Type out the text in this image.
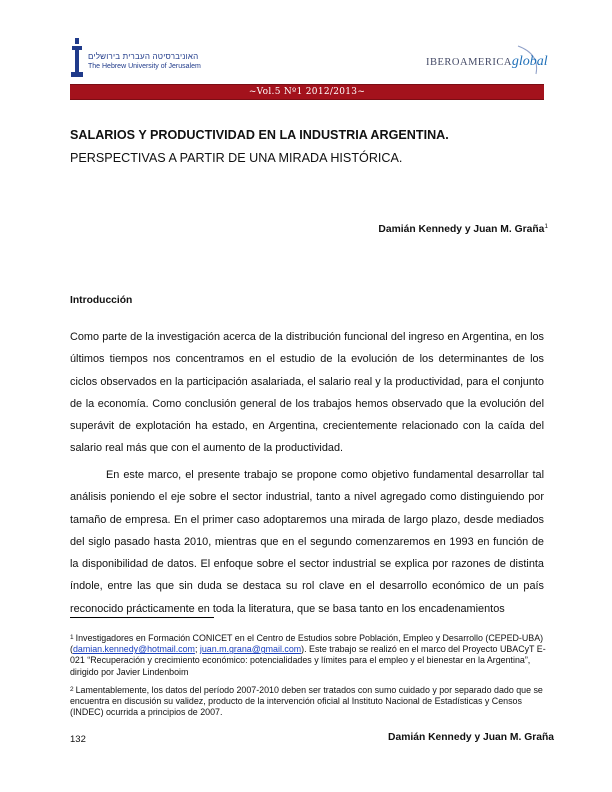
האוניברסיטה העברית בירושלים
The Hebrew University of Jerusalem	IBEROAMERICAglobal
~Vol.5 Nº1 2012/2013~
SALARIOS Y PRODUCTIVIDAD EN LA INDUSTRIA ARGENTINA.
PERSPECTIVAS A PARTIR DE UNA MIRADA HISTÓRICA.
Damián Kennedy y Juan M. Graña$^1$
Introducción
Como parte de la investigación acerca de la distribución funcional del ingreso en Argentina, en los últimos tiempos nos concentramos en el estudio de la evolución de los determinantes de los ciclos observados en la participación asalariada, el salario real y la productividad, para el conjunto de la economía. Como conclusión general de los trabajos hemos observado que la evolución del superávit de explotación ha estado, en Argentina, crecientemente relacionado con la caída del salario real más que con el aumento de la productividad.
En este marco, el presente trabajo se propone como objetivo fundamental desarrollar tal análisis poniendo el eje sobre el sector industrial, tanto a nivel agregado como distinguiendo por tamaño de empresa. En el primer caso adoptaremos una mirada de largo plazo, desde mediados del siglo pasado hasta 2010, mientras que en el segundo comenzaremos en 1993 en función de la disponibilidad de datos. El enfoque sobre el sector industrial se explica por razones de distinta índole, entre las que sin duda se destaca su rol clave en el desarrollo económico de un país reconocido prácticamente en toda la literatura, que se basa tanto en los encadenamientos
$^1$ Investigadores en Formación CONICET en el Centro de Estudios sobre Población, Empleo y Desarrollo (CEPED-UBA) (damian.kennedy@hotmail.com; juan.m.grana@gmail.com). Este trabajo se realizó en el marco del Proyecto UBACyT E-021 “Recuperación y crecimiento económico: potencialidades y límites para el empleo y el bienestar en la Argentina”, dirigido por Javier Lindenboim
$^2$ Lamentablemente, los datos del período 2007-2010 deben ser tratados con sumo cuidado y por separado dado que se encuentra en discusión su validez, producto de la intervención oficial al Instituto Nacional de Estadísticas y Censos (INDEC) ocurrida a principios de 2007.
132	Damián Kennedy y Juan M. Graña
